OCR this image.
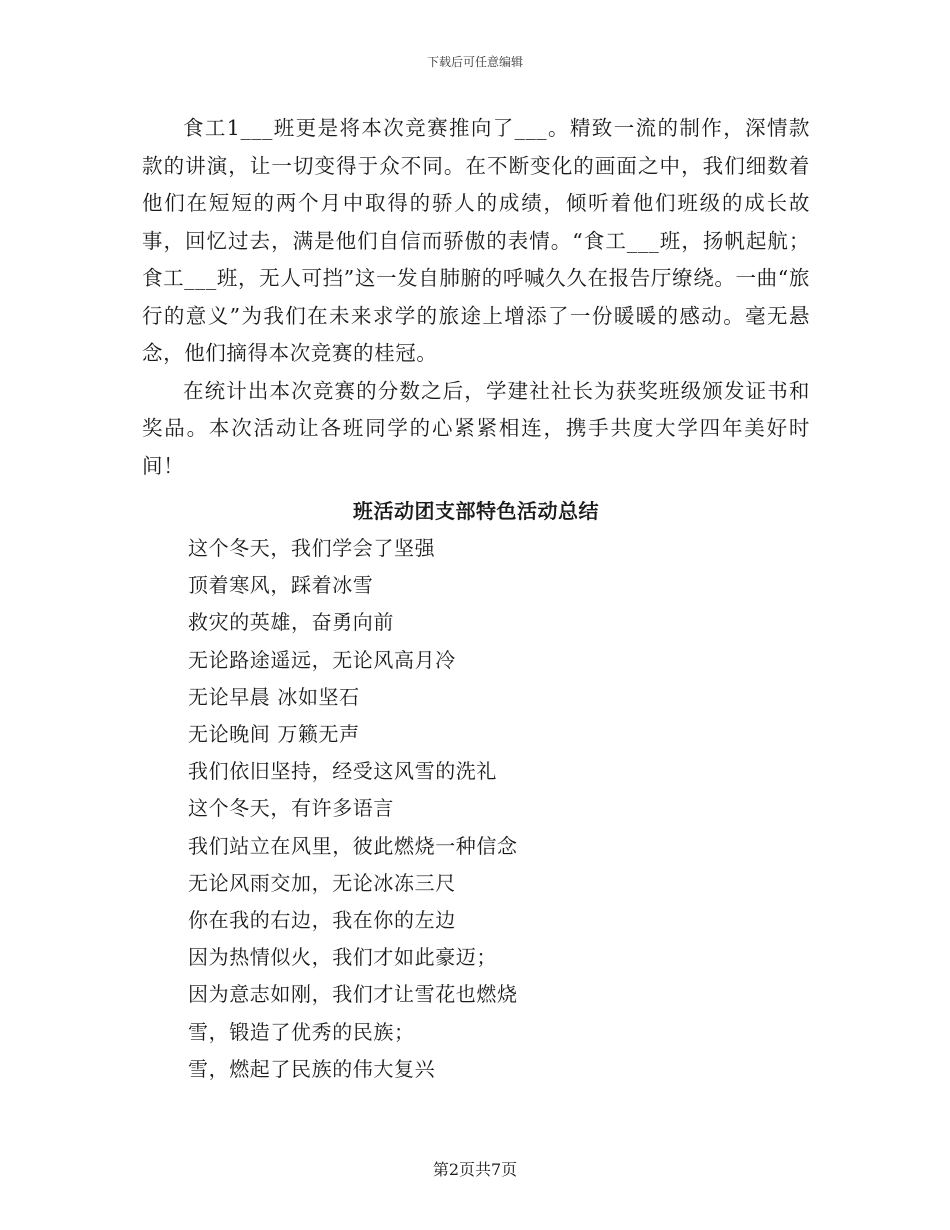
下载后可任意编辑

食工1___班更是将本次竞赛推向了___。精致一流的制作，深情款款的讲演，让一切变得于众不同。在不断变化的画面之中，我们细数着他们在短短的两个月中取得的骄人的成绩，倾听着他们班级的成长故事，回忆过去，满是他们自信而骄傲的表情。“食工___班，扬帆起航；食工___班，无人可挡”这一发自肺腑的呼喊久久在报告厅缭绕。一曲“旅行的意义”为我们在未来求学的旅途上增添了一份暖暖的感动。毫无悬念，他们摘得本次竞赛的桂冠。

在统计出本次竞赛的分数之后，学建社社长为获奖班级颁发证书和奖品。本次活动让各班同学的心紧紧相连，携手共度大学四年美好时间！

班活动团支部特色活动总结
这个冬天，我们学会了坚强
顶着寒风，踩着冰雪
救灾的英雄，奋勇向前
无论路途遥远，无论风高月冷
无论早晨 冰如坚石
无论晚间 万籁无声
我们依旧坚持，经受这风雪的洗礼
这个冬天，有许多语言
我们站立在风里，彼此燃烧一种信念
无论风雨交加，无论冰冻三尺
你在我的右边，我在你的左边
因为热情似火，我们才如此豪迈；
因为意志如刚，我们才让雪花也燃烧
雪，锻造了优秀的民族；
雪，燃起了民族的伟大复兴
第2页共7页
